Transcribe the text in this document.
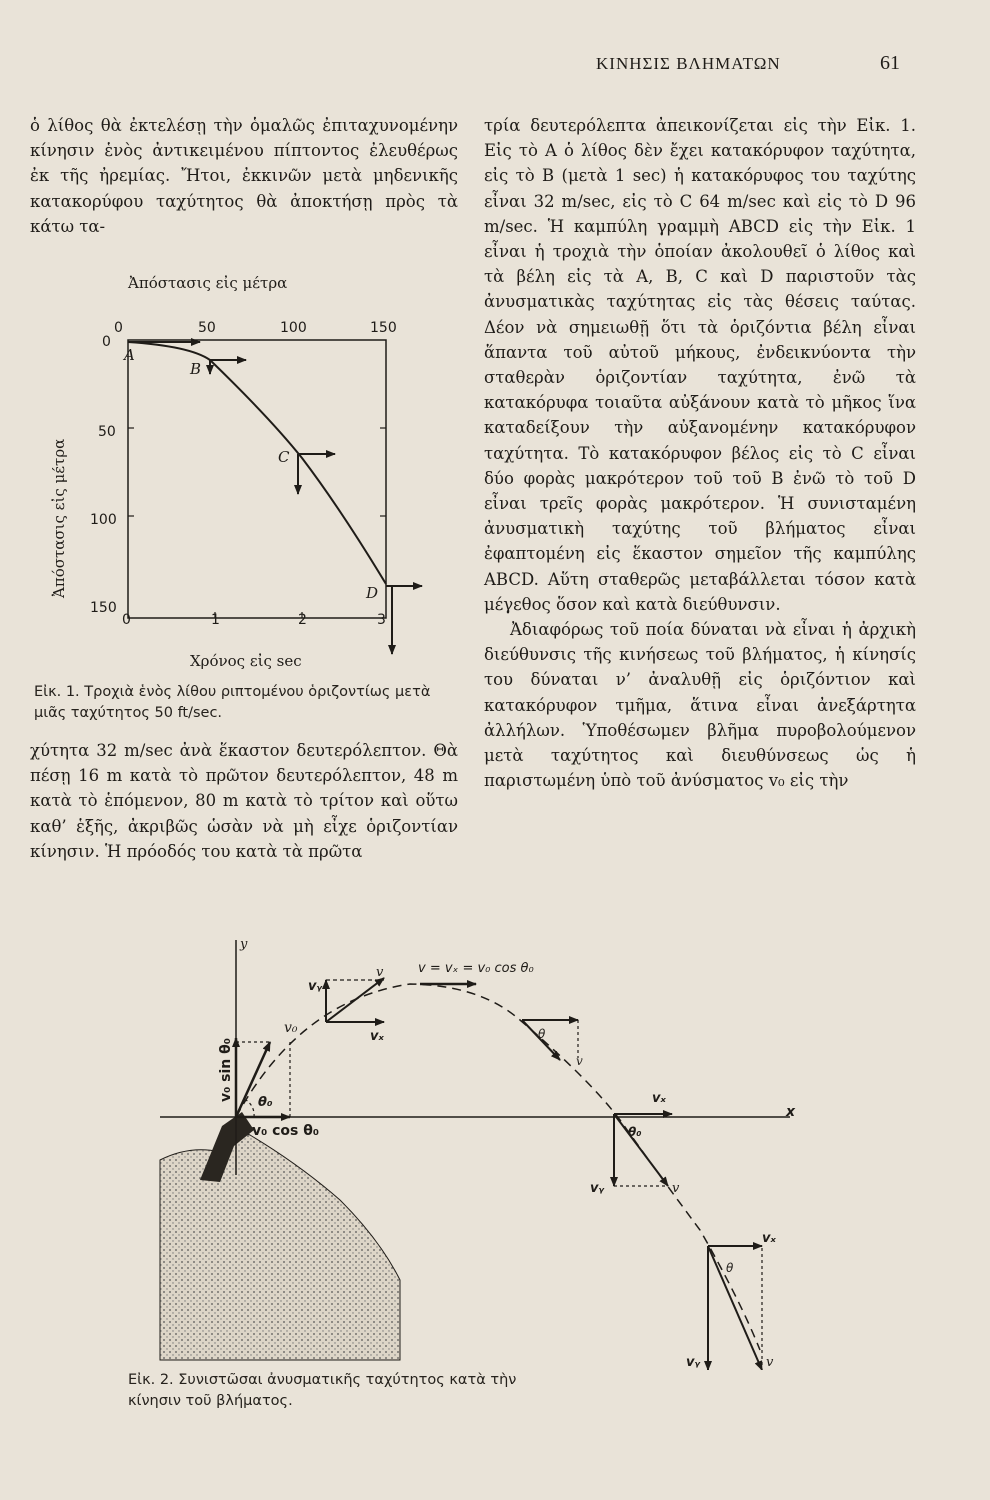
ΚΙΝΗΣΙΣ ΒΛΗΜΑΤΩΝ	61

ὁ λίθος θὰ ἐκτελέσῃ τὴν ὁμαλῶς ἐπιταχυνομένην κίνησιν ἑνὸς ἀντικειμένου πίπτοντος ἐλευθέρως ἐκ τῆς ἠρεμίας. Ἤτοι, ἐκκινῶν μετὰ μηδενικῆς κατακορύφου ταχύτητος θὰ ἀποκτήσῃ πρὸς τὰ κάτω τα-

Ἀπόστασις εἰς μέτρα
0	50	100	150
0
50
100
150
Ἀπόστασις εἰς μέτρα
A
B
C
D
0	1	2	3
Χρόνος εἰς sec
Εἰκ. 1. Τροχιὰ ἑνὸς λίθου ριπτομένου ὁριζοντίως μετὰ μιᾶς ταχύτητος 50 ft/sec.

χύτητα 32 m/sec ἀνὰ ἕκαστον δευτερόλεπτον. Θὰ πέσῃ 16 m κατὰ τὸ πρῶτον δευτερόλεπτον, 48 m κατὰ τὸ ἑπόμενον, 80 m κατὰ τὸ τρίτον καὶ οὕτω καθ’ ἑξῆς, ἀκριβῶς ὡσὰν νὰ μὴ εἶχε ὁριζοντίαν κίνησιν. Ἡ πρόοδός του κατὰ τὰ πρῶτα

τρία δευτερόλεπτα ἀπεικονίζεται εἰς τὴν Εἰκ. 1. Εἰς τὸ A ὁ λίθος δὲν ἔχει κατακόρυφον ταχύτητα, εἰς τὸ B (μετὰ 1 sec) ἡ κατακόρυφος του ταχύτης εἶναι 32 m/sec, εἰς τὸ C 64 m/sec καὶ εἰς τὸ D 96 m/sec. Ἡ καμπύλη γραμμὴ ABCD εἰς τὴν Εἰκ. 1 εἶναι ἡ τροχιὰ τὴν ὁποίαν ἀκολουθεῖ ὁ λίθος καὶ τὰ βέλη εἰς τὰ A, B, C καὶ D παριστοῦν τὰς ἀνυσματικὰς ταχύτητας εἰς τὰς θέσεις ταύτας. Δέον νὰ σημειωθῇ ὅτι τὰ ὁριζόντια βέλη εἶναι ἅπαντα τοῦ αὐτοῦ μήκους, ἐνδεικνύοντα τὴν σταθερὰν ὁριζοντίαν ταχύτητα, ἐνῶ τὰ κατακόρυφα τοιαῦτα αὐξάνουν κατὰ τὸ μῆκος ἵνα καταδείξουν τὴν αὐξανομένην κατακόρυφον ταχύτητα. Τὸ κατακόρυφον βέλος εἰς τὸ C εἶναι δύο φορὰς μακρότερον τοῦ τοῦ B ἐνῶ τὸ τοῦ D εἶναι τρεῖς φορὰς μακρότερον. Ἡ συνισταμένη ἀνυσματικὴ ταχύτης τοῦ βλήματος εἶναι ἐφαπτομένη εἰς ἕκαστον σημεῖον τῆς καμπύλης ABCD. Αὕτη σταθερῶς μεταβάλλεται τόσον κατὰ μέγεθος ὅσον καὶ κατὰ διεύθυνσιν.

Ἀδιαφόρως τοῦ ποία δύναται νὰ εἶναι ἡ ἀρχικὴ διεύθυνσις τῆς κινήσεως τοῦ βλήματος, ἡ κίνησίς του δύναται ν’ ἀναλυθῇ εἰς ὁριζόντιον καὶ κατακόρυφον τμῆμα, ἅτινα εἶναι ἀνεξάρτητα ἀλλήλων. Ὑποθέσωμεν βλῆμα πυροβολούμενον μετὰ ταχύτητος καὶ διευθύνσεως ὡς ἡ παριστωμένη ὑπὸ τοῦ ἀνύσματος v₀ εἰς τὴν

y
x
v₀ sin θ₀
v₀ cos θ₀
θ₀
v₀
vᵧ
v
vₓ
v = vₓ = v₀ cos θ₀
θ
v
vₓ
θ₀
vᵧ	v
vₓ
θ
vᵧ	v
Εἰκ. 2. Συνιστῶσαι ἀνυσματικῆς ταχύτητος κατὰ τὴν κίνησιν τοῦ βλήματος.
